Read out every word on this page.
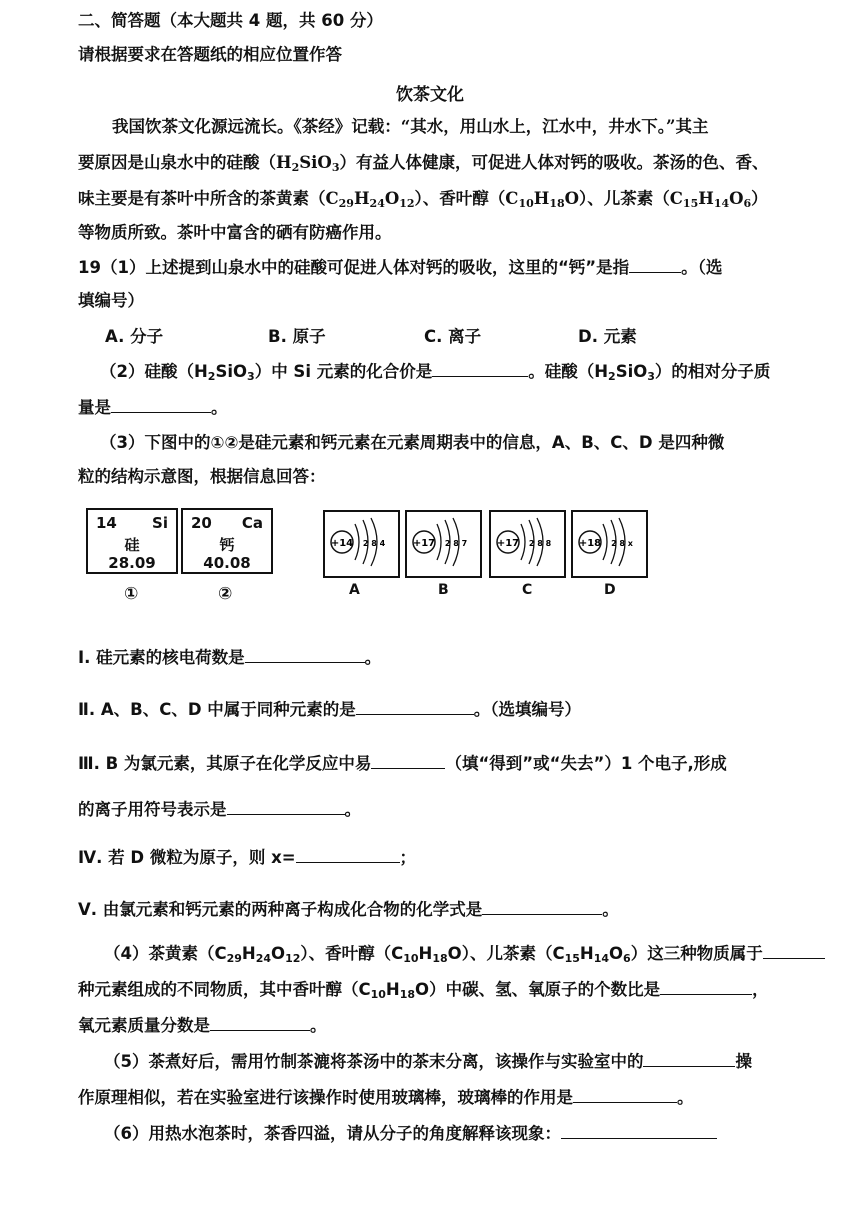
二、简答题（本大题共 4 题，共 60 分）
请根据要求在答题纸的相应位置作答
饮茶文化
我国饮茶文化源远流长。《茶经》记载：“其水，用山水上，江水中，井水下。”其主
要原因是山泉水中的硅酸$(H_2SiO_3)$有益人体健康，可促进人体对钙的吸收。茶汤的色、香、
味主要是有茶叶中所含的茶黄素$(C_{29}H_{24}O_{12})$、香叶醇$(C_{10}H_{18}O)$、儿茶素$(C_{15}H_{14}O_6)$
等物质所致。茶叶中富含的硒有防癌作用。
19（1）上述提到山泉水中的硅酸可促进人体对钙的吸收，这里的“钙”是指	。（选
填编号）
A. 分子	B. 原子	C. 离子	D. 元素
（2）硅酸$(H_2SiO_3)$中 Si 元素的化合价是	。硅酸$(H_2SiO_3)$的相对分子质
量是	。
（3）下图中的①②是硅元素和钙元素在元素周期表中的信息，A、B、C、D 是四种微
粒的结构示意图，根据信息回答：
14 Si
硅
28.09
20 Ca
钙
40.08
①	②
+14 2 8 4	+17 2 8 7	+17 2 8 8	+18 2 8 x
A	B	C	D
Ⅰ. 硅元素的核电荷数是	。
Ⅱ. A、B、C、D 中属于同种元素的是	。（选填编号）
Ⅲ. B 为氯元素，其原子在化学反应中易	（填“得到”或“失去”）1 个电子,形成
的离子用符号表示是	。
Ⅳ. 若 D 微粒为原子，则 x=	；
Ⅴ. 由氯元素和钙元素的两种离子构成化合物的化学式是	。
（4）茶黄素$(C_{29}H_{24}O_{12})$、香叶醇$(C_{10}H_{18}O)$、儿茶素$(C_{15}H_{14}O_6)$这三种物质属于
种元素组成的不同物质，其中香叶醇$(C_{10}H_{18}O)$中碳、氢、氧原子的个数比是	，
氧元素质量分数是	。
（5）茶煮好后，需用竹制茶漉将茶汤中的茶末分离，该操作与实验室中的	操
作原理相似，若在实验室进行该操作时使用玻璃棒，玻璃棒的作用是	。
（6）用热水泡茶时，茶香四溢，请从分子的角度解释该现象：
